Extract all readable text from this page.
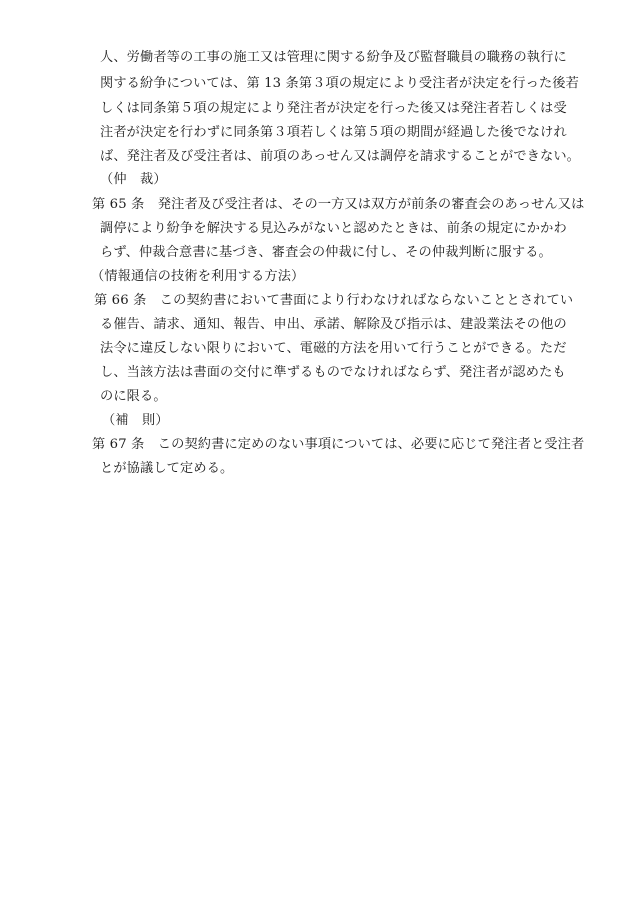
人、労働者等の工事の施工又は管理に関する紛争及び監督職員の職務の執行に
関する紛争については、第 13 条第３項の規定により受注者が決定を行った後若
しくは同条第５項の規定により発注者が決定を行った後又は発注者若しくは受
注者が決定を行わずに同条第３項若しくは第５項の期間が経過した後でなけれ
ば、発注者及び受注者は、前項のあっせん又は調停を請求することができない。
（仲　裁）
第 65 条　発注者及び受注者は、その一方又は双方が前条の審査会のあっせん又は
調停により紛争を解決する見込みがないと認めたときは、前条の規定にかかわ
らず、仲裁合意書に基づき、審査会の仲裁に付し、その仲裁判断に服する。
（情報通信の技術を利用する方法）
第 66 条　この契約書において書面により行わなければならないこととされてい
る催告、請求、通知、報告、申出、承諾、解除及び指示は、建設業法その他の
法令に違反しない限りにおいて、電磁的方法を用いて行うことができる。ただ
し、当該方法は書面の交付に準ずるものでなければならず、発注者が認めたも
のに限る。
（補　則）
第 67 条　この契約書に定めのない事項については、必要に応じて発注者と受注者
とが協議して定める。
